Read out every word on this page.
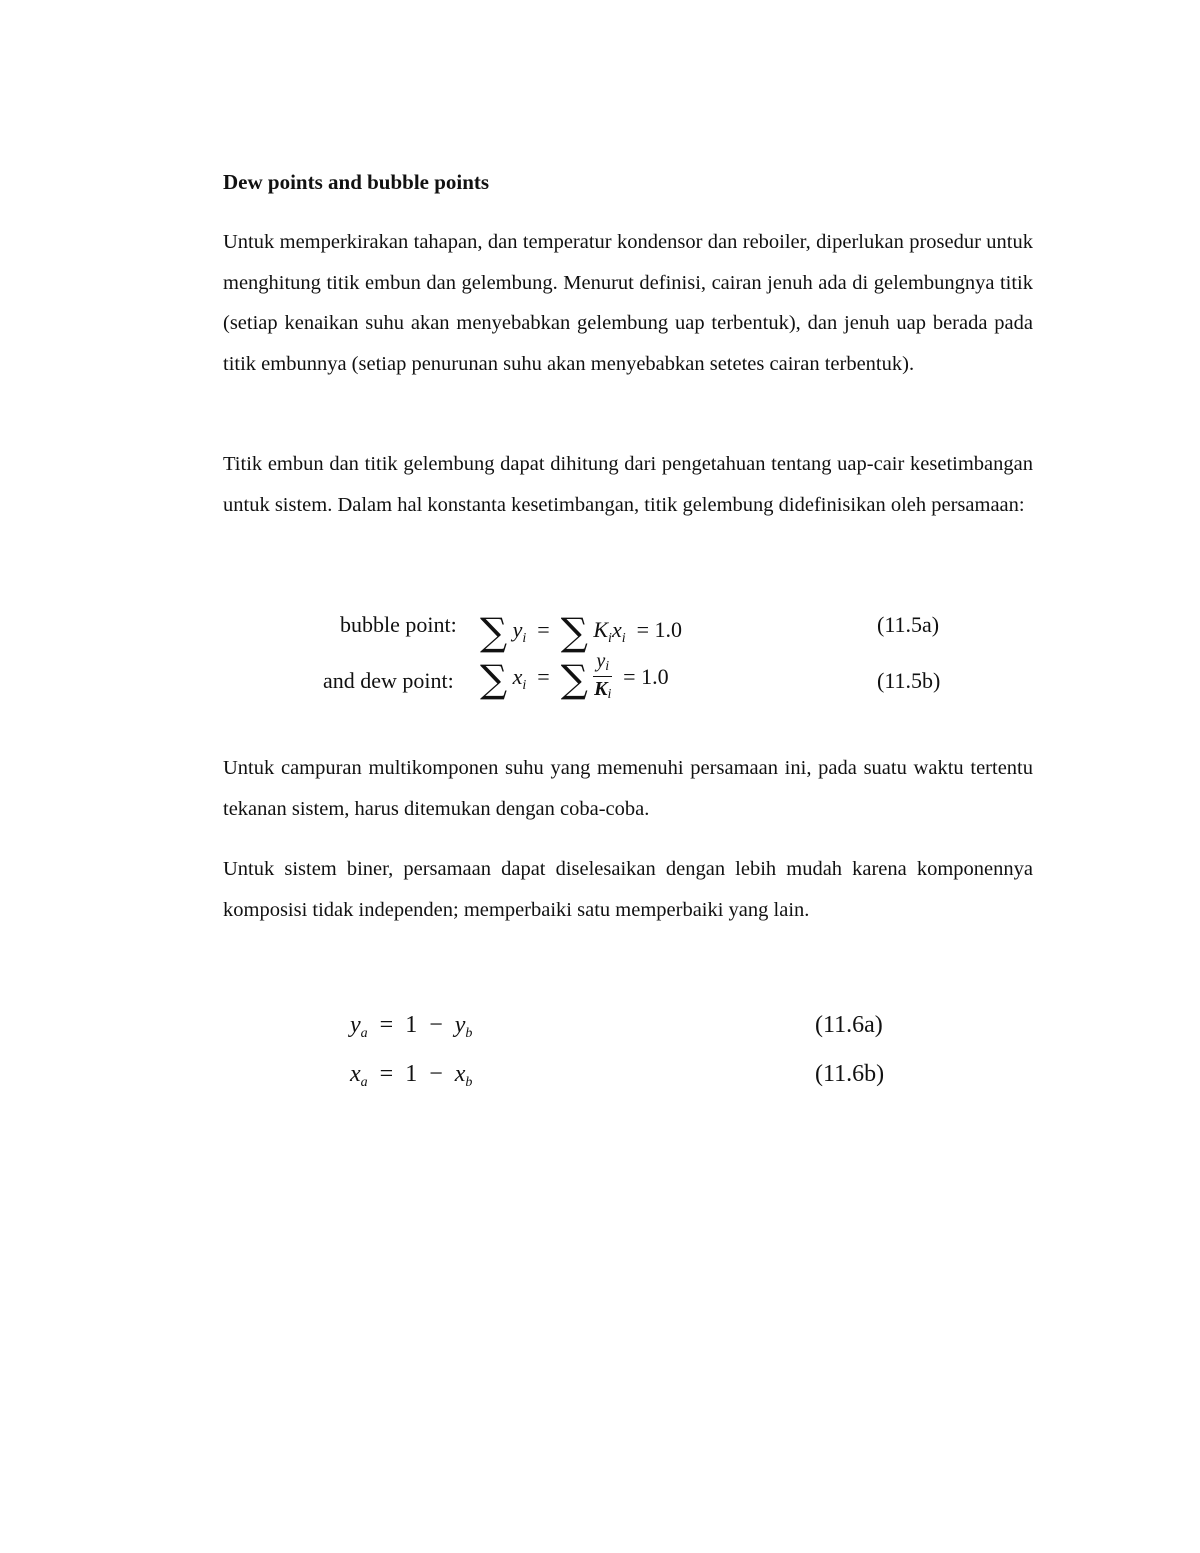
Dew points and bubble points

Untuk memperkirakan tahapan, dan temperatur kondensor dan reboiler, diperlukan prosedur untuk menghitung titik embun dan gelembung. Menurut definisi, cairan jenuh ada di gelembungnya titik (setiap kenaikan suhu akan menyebabkan gelembung uap terbentuk), dan jenuh uap berada pada titik embunnya (setiap penurunan suhu akan menyebabkan setetes cairan terbentuk).

Titik embun dan titik gelembung dapat dihitung dari pengetahuan tentang uap-cair kesetimbangan untuk sistem. Dalam hal konstanta kesetimbangan, titik gelembung didefinisikan oleh persamaan:

bubble point: ∑ $y_i$  =  ∑ $K_ix_i = 1.0$	(11.5a)
and dew point: ∑ $x_i$  =  ∑ $\frac{yi}{Ki} = 1.0$	(11.5b)

Untuk campuran multikomponen suhu yang memenuhi persamaan ini, pada suatu waktu tertentu tekanan sistem, harus ditemukan dengan coba-coba.

Untuk sistem biner, persamaan dapat diselesaikan dengan lebih mudah karena komponennya komposisi tidak independen; memperbaiki satu memperbaiki yang lain.

$y_a = 1 - y_b$	(11.6a)
$x_a = 1 - x_b$	(11.6b)
